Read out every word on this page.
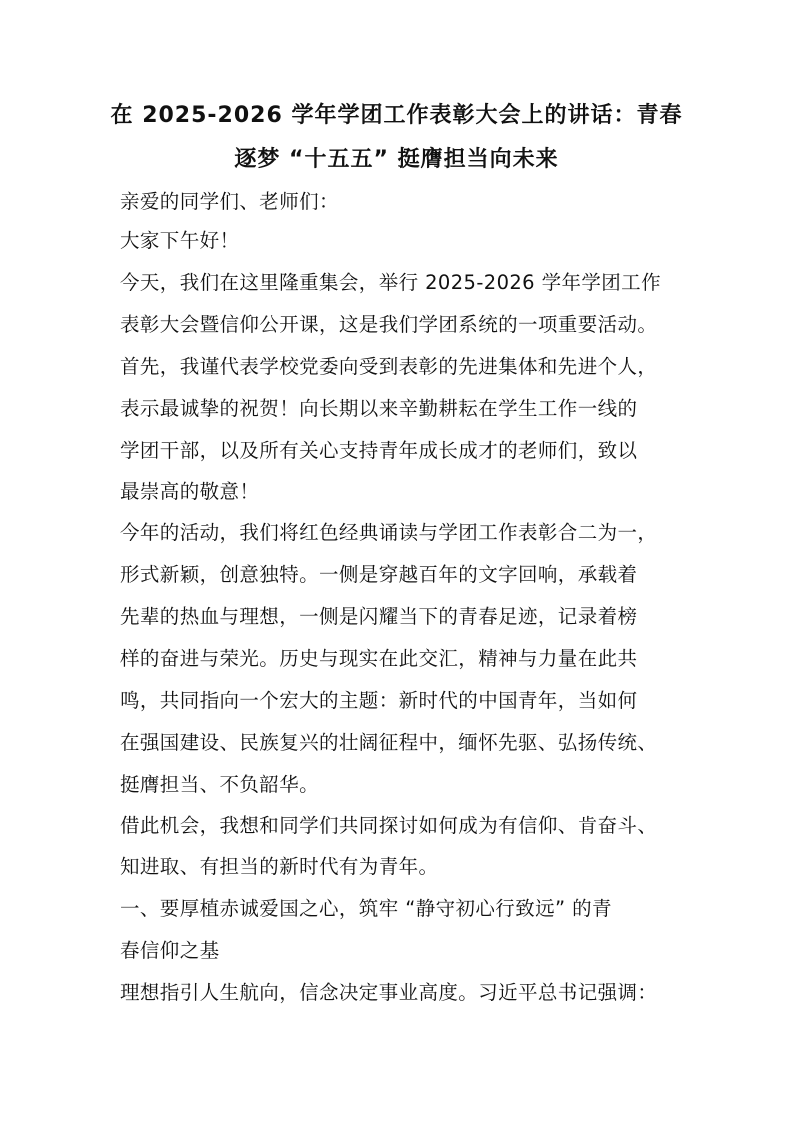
在 2025-2026 学年学团工作表彰大会上的讲话：青春
逐梦 “十五五” 挺膺担当向未来
亲爱的同学们、老师们：
大家下午好！
今天，我们在这里隆重集会，举行 2025-2026 学年学团工作
表彰大会暨信仰公开课，这是我们学团系统的一项重要活动。
首先，我谨代表学校党委向受到表彰的先进集体和先进个人，
表示最诚挚的祝贺！向长期以来辛勤耕耘在学生工作一线的
学团干部，以及所有关心支持青年成长成才的老师们，致以
最崇高的敬意！
今年的活动，我们将红色经典诵读与学团工作表彰合二为一，
形式新颖，创意独特。一侧是穿越百年的文字回响，承载着
先辈的热血与理想，一侧是闪耀当下的青春足迹，记录着榜
样的奋进与荣光。历史与现实在此交汇，精神与力量在此共
鸣，共同指向一个宏大的主题：新时代的中国青年，当如何
在强国建设、民族复兴的壮阔征程中，缅怀先驱、弘扬传统、
挺膺担当、不负韶华。
借此机会，我想和同学们共同探讨如何成为有信仰、肯奋斗、
知进取、有担当的新时代有为青年。
一、要厚植赤诚爱国之心，筑牢 “静守初心行致远” 的青
春信仰之基
理想指引人生航向，信念决定事业高度。习近平总书记强调：
